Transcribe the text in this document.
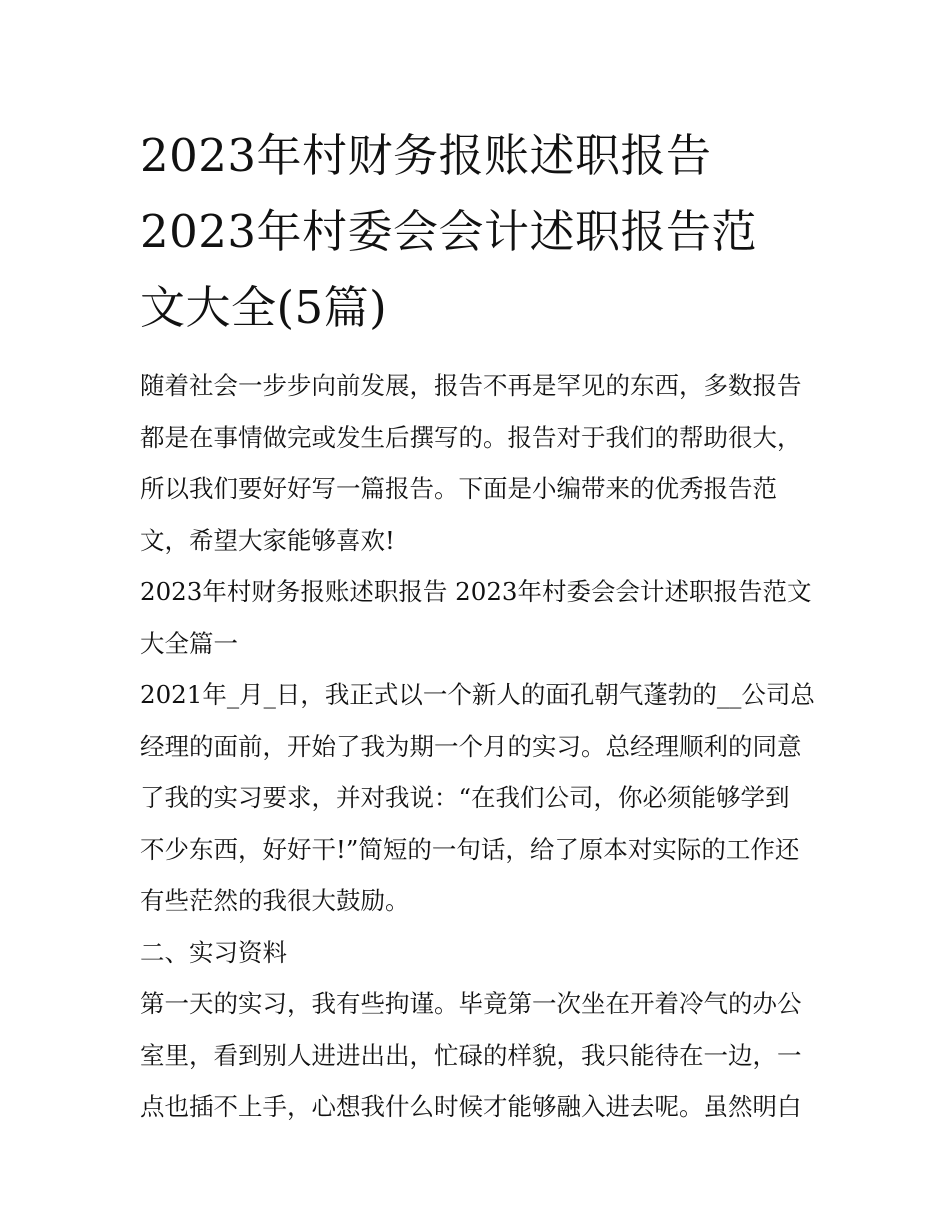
2023年村财务报账述职报告
2023年村委会会计述职报告范
文大全(5篇)

随着社会一步步向前发展，报告不再是罕见的东西，多数报告
都是在事情做完或发生后撰写的。报告对于我们的帮助很大，
所以我们要好好写一篇报告。下面是小编带来的优秀报告范
文，希望大家能够喜欢!

2023年村财务报账述职报告 2023年村委会会计述职报告范文
大全篇一

2021年_月_日，我正式以一个新人的面孔朝气蓬勃的__公司总
经理的面前，开始了我为期一个月的实习。总经理顺利的同意
了我的实习要求，并对我说：“在我们公司，你必须能够学到
不少东西，好好干!”简短的一句话，给了原本对实际的工作还
有些茫然的我很大鼓励。

二、实习资料

第一天的实习，我有些拘谨。毕竟第一次坐在开着冷气的办公
室里，看到别人进进出出，忙碌的样貌，我只能待在一边，一
点也插不上手，心想我什么时候才能够融入进去呢。虽然明白
